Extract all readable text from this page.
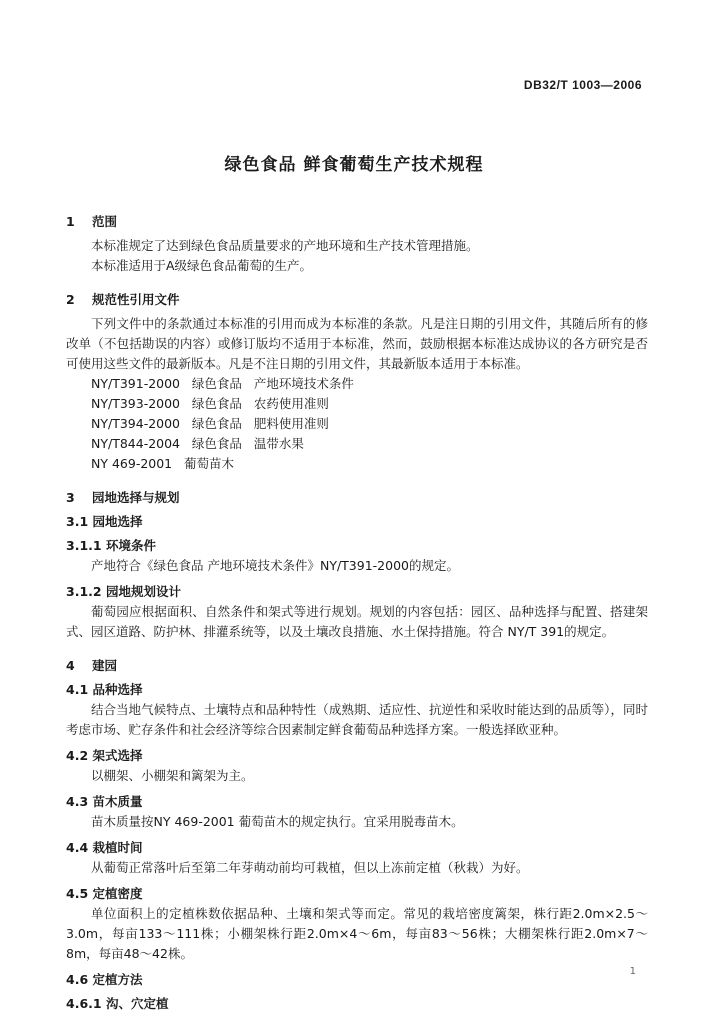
DB32/T 1003—2006
绿色食品 鲜食葡萄生产技术规程
1 范围
本标准规定了达到绿色食品质量要求的产地环境和生产技术管理措施。
本标准适用于A级绿色食品葡萄的生产。
2 规范性引用文件
下列文件中的条款通过本标准的引用而成为本标准的条款。凡是注日期的引用文件，其随后所有的修改单（不包括勘误的内容）或修订版均不适用于本标准，然而，鼓励根据本标准达成协议的各方研究是否可使用这些文件的最新版本。凡是不注日期的引用文件，其最新版本适用于本标准。
NY/T391-2000   绿色食品   产地环境技术条件
NY/T393-2000   绿色食品   农药使用准则
NY/T394-2000   绿色食品   肥料使用准则
NY/T844-2004   绿色食品   温带水果
NY 469-2001   葡萄苗木
3 园地选择与规划
3.1 园地选择
3.1.1 环境条件
产地符合《绿色食品 产地环境技术条件》NY/T391-2000的规定。
3.1.2 园地规划设计
葡萄园应根据面积、自然条件和架式等进行规划。规划的内容包括：园区、品种选择与配置、搭建架式、园区道路、防护林、排灌系统等，以及土壤改良措施、水土保持措施。符合 NY/T 391的规定。
4 建园
4.1 品种选择
结合当地气候特点、土壤特点和品种特性（成熟期、适应性、抗逆性和采收时能达到的品质等），同时考虑市场、贮存条件和社会经济等综合因素制定鲜食葡萄品种选择方案。一般选择欧亚种。
4.2 架式选择
以棚架、小棚架和篱架为主。
4.3 苗木质量
苗木质量按NY 469-2001 葡萄苗木的规定执行。宜采用脱毒苗木。
4.4 栽植时间
从葡萄正常落叶后至第二年芽萌动前均可栽植，但以上冻前定植（秋栽）为好。
4.5 定植密度
单位面积上的定植株数依据品种、土壤和架式等而定。常见的栽培密度篱架，株行距2.0m×2.5～3.0m，每亩133～111株；小棚架株行距2.0m×4～6m，每亩83～56株；大棚架株行距2.0m×7～8m，每亩48～42株。
4.6 定植方法
4.6.1 沟、穴定植
1
